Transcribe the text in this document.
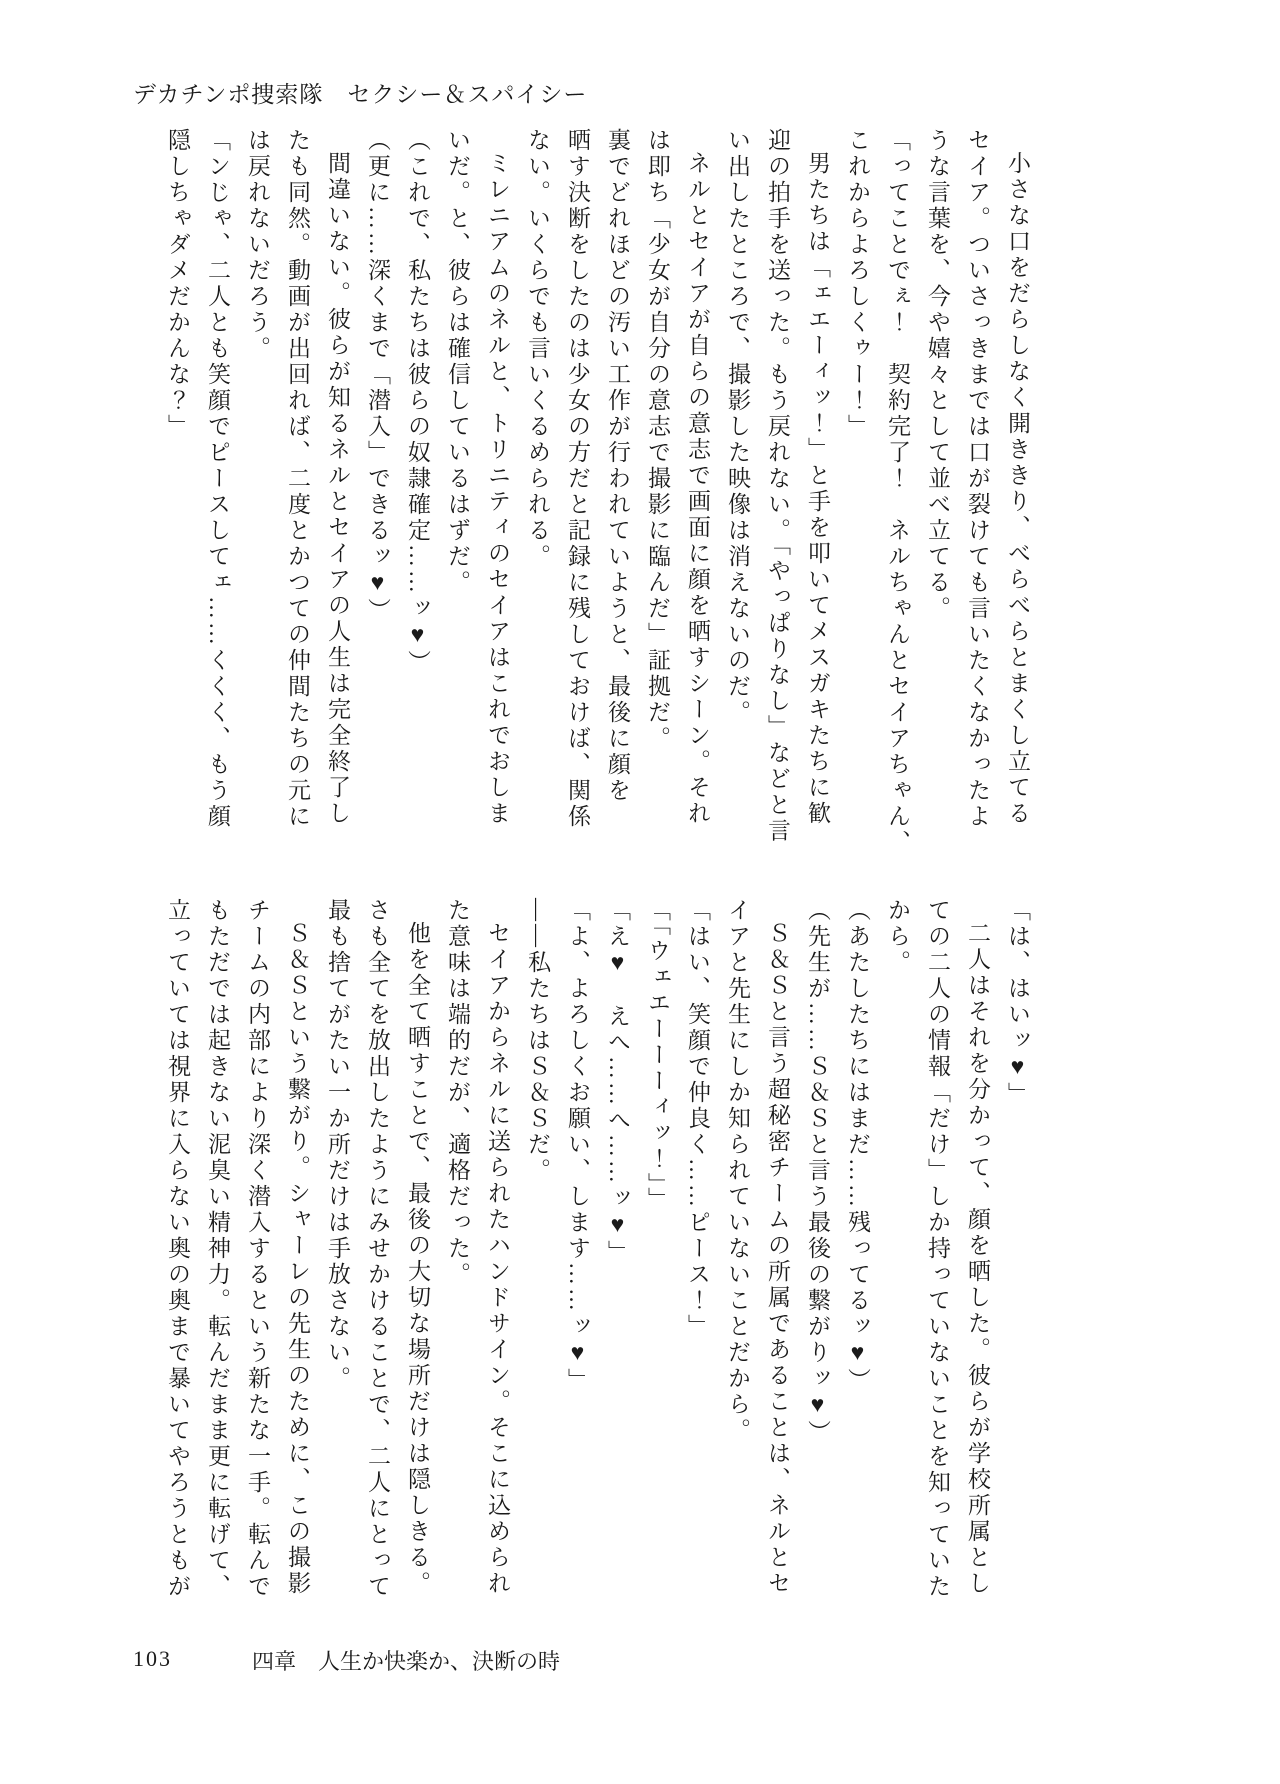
デカチンポ捜索隊　セクシー＆スパイシー

小さな口をだらしなく開ききり、べらべらとまくし立てる

セイア。ついさっきまでは口が裂けても言いたくなかったよ

うな言葉を、今や嬉々として並べ立てる。

「ってことでぇ！　契約完了！　ネルちゃんとセイアちゃん、

これからよろしくゥー！」

男たちは「ェエーィッ！」と手を叩いてメスガキたちに歓

迎の拍手を送った。もう戻れない。「やっぱりなし」などと言

い出したところで、撮影した映像は消えないのだ。

ネルとセイアが自らの意志で画面に顔を晒すシーン。それ

は即ち「少女が自分の意志で撮影に臨んだ」証拠だ。

裏でどれほどの汚い工作が行われていようと、最後に顔を

晒す決断をしたのは少女の方だと記録に残しておけば、関係

ない。いくらでも言いくるめられる。

ミレニアムのネルと、トリニティのセイアはこれでおしま

いだ。と、彼らは確信しているはずだ。

（これで、私たちは彼らの奴隷確定……ッ♥）

（更に……深くまで「潜入」できるッ♥）

間違いない。彼らが知るネルとセイアの人生は完全終了し

たも同然。動画が出回れば、二度とかつての仲間たちの元に

は戻れないだろう。

「ンじゃ、二人とも笑顔でピースしてェ……くくく、もう顔

隠しちゃダメだかんな？」

「は、はいッ♥」

二人はそれを分かって、顔を晒した。彼らが学校所属とし

ての二人の情報「だけ」しか持っていないことを知っていた

から。

（あたしたちにはまだ……残ってるッ♥）

（先生が……Ｓ＆Ｓと言う最後の繋がりッ♥）

Ｓ＆Ｓと言う超秘密チームの所属であることは、ネルとセ

イアと先生にしか知られていないことだから。

「はい、笑顔で仲良く……ピース！」

「「ウェエーーーィッ！」」

「え♥　えへ……へ……ッ♥」

「よ、よろしくお願い、します……ッ♥」

――私たちはＳ＆Ｓだ。

セイアからネルに送られたハンドサイン。そこに込められ

た意味は端的だが、適格だった。

他を全て晒すことで、最後の大切な場所だけは隠しきる。

さも全てを放出したようにみせかけることで、二人にとって

最も捨てがたい一か所だけは手放さない。

Ｓ＆Ｓという繋がり。シャーレの先生のために、この撮影

チームの内部により深く潜入するという新たな一手。転んで

もただでは起きない泥臭い精神力。転んだまま更に転げて、

立っていては視界に入らない奥の奥まで暴いてやろうともが

103	四章　人生か快楽か、決断の時
